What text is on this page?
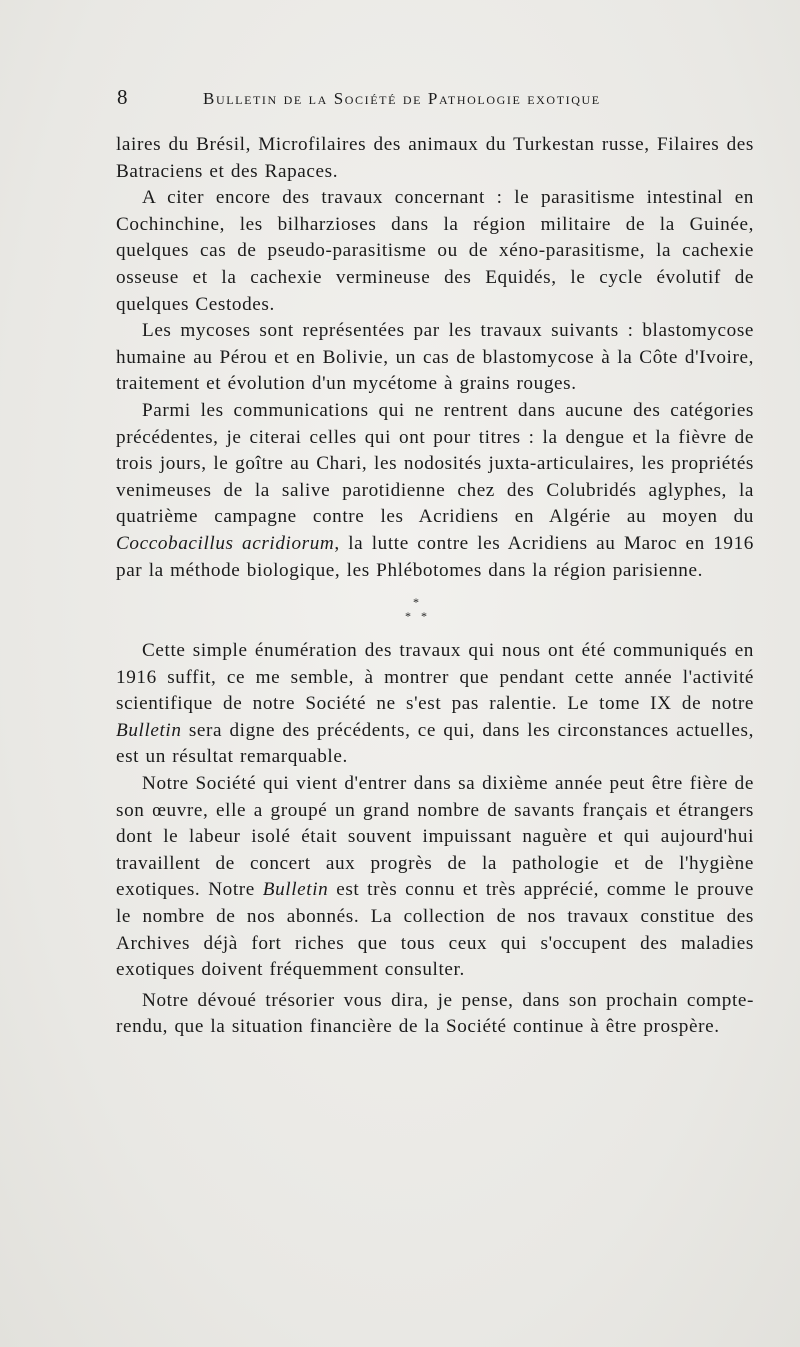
8	Bulletin de la Société de Pathologie exotique

laires du Brésil, Microfilaires des animaux du Turkestan russe, Filaires des Batraciens et des Rapaces.

A citer encore des travaux concernant : le parasitisme intestinal en Cochinchine, les bilharzioses dans la région militaire de la Guinée, quelques cas de pseudo-parasitisme ou de xéno-parasitisme, la cachexie osseuse et la cachexie vermineuse des Equidés, le cycle évolutif de quelques Cestodes.

Les mycoses sont représentées par les travaux suivants : blastomycose humaine au Pérou et en Bolivie, un cas de blastomycose à la Côte d'Ivoire, traitement et évolution d'un mycétome à grains rouges.

Parmi les communications qui ne rentrent dans aucune des catégories précédentes, je citerai celles qui ont pour titres : la dengue et la fièvre de trois jours, le goître au Chari, les nodosités juxta-articulaires, les propriétés venimeuses de la salive parotidienne chez des Colubridés aglyphes, la quatrième campagne contre les Acridiens en Algérie au moyen du Coccobacillus acridiorum, la lutte contre les Acridiens au Maroc en 1916 par la méthode biologique, les Phlébotomes dans la région parisienne.

*
* *

Cette simple énumération des travaux qui nous ont été communiqués en 1916 suffit, ce me semble, à montrer que pendant cette année l'activité scientifique de notre Société ne s'est pas ralentie. Le tome IX de notre Bulletin sera digne des précédents, ce qui, dans les circonstances actuelles, est un résultat remarquable.

Notre Société qui vient d'entrer dans sa dixième année peut être fière de son œuvre, elle a groupé un grand nombre de savants français et étrangers dont le labeur isolé était souvent impuissant naguère et qui aujourd'hui travaillent de concert aux progrès de la pathologie et de l'hygiène exotiques. Notre Bulletin est très connu et très apprécié, comme le prouve le nombre de nos abonnés. La collection de nos travaux constitue des Archives déjà fort riches que tous ceux qui s'occupent des maladies exotiques doivent fréquemment consulter.

Notre dévoué trésorier vous dira, je pense, dans son prochain compte-rendu, que la situation financière de la Société continue à être prospère.
